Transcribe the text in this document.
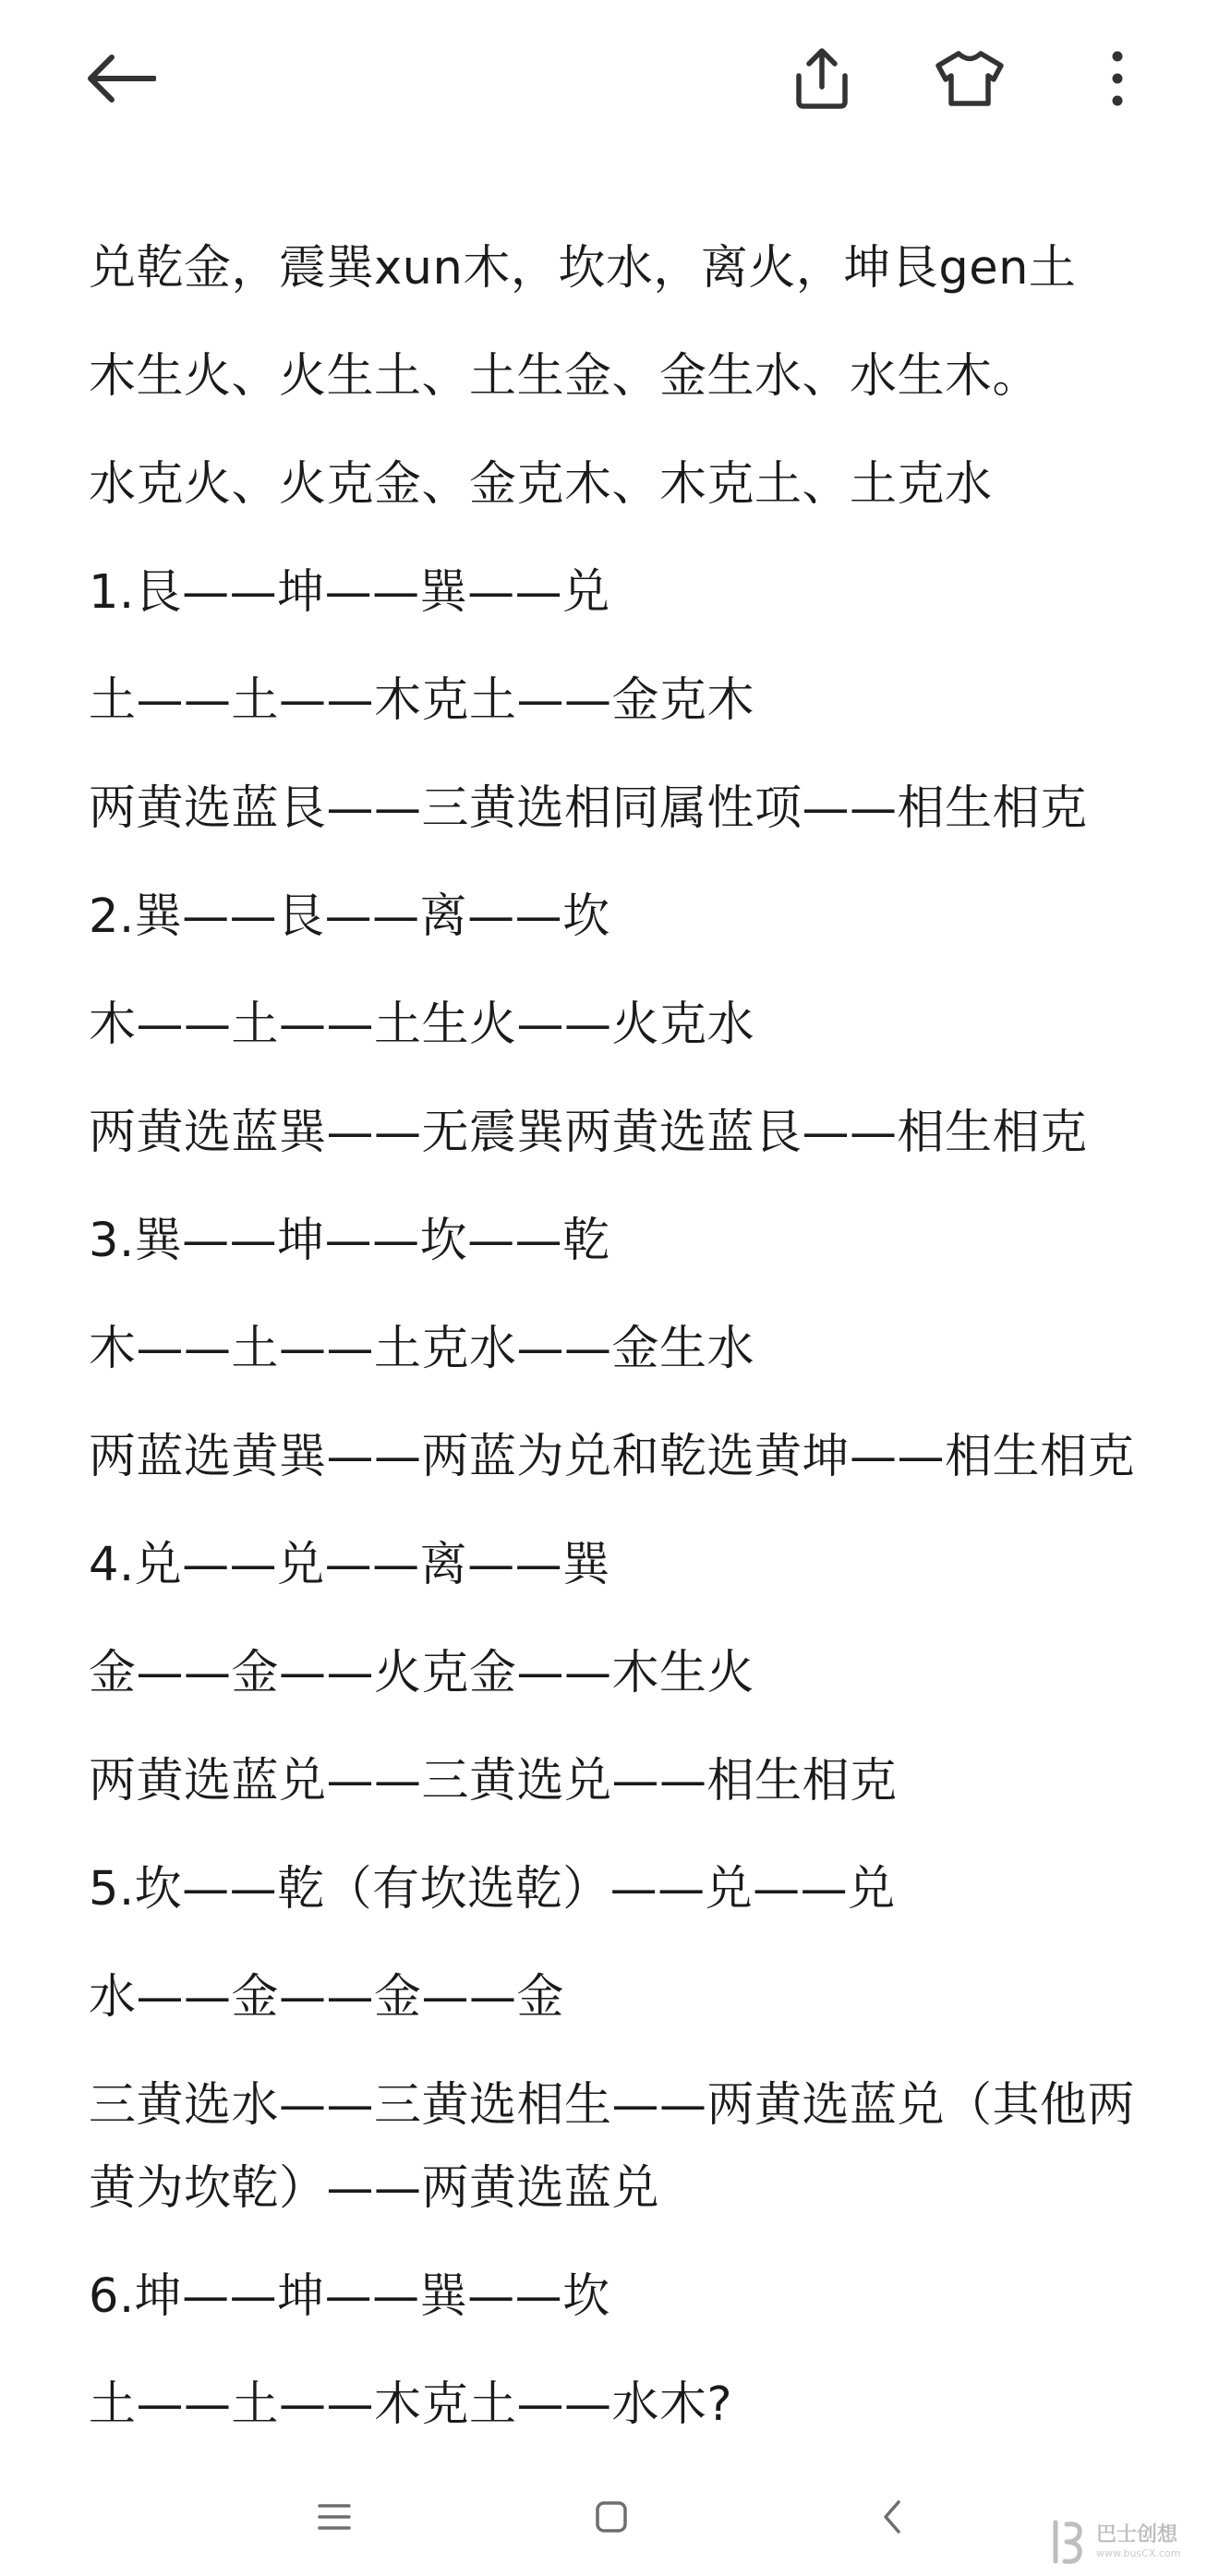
兑乾金，震巽xun木，坎水，离火，坤艮gen土
木生火、火生土、土生金、金生水、水生木。
水克火、火克金、金克木、木克土、土克水
1.艮——坤——巽——兑
土——土——木克土——金克木
两黄选蓝艮——三黄选相同属性项——相生相克
2.巽——艮——离——坎
木——土——土生火——火克水
两黄选蓝巽——无震巽两黄选蓝艮——相生相克
3.巽——坤——坎——乾
木——土——土克水——金生水
两蓝选黄巽——两蓝为兑和乾选黄坤——相生相克
4.兑——兑——离——巽
金——金——火克金——木生火
两黄选蓝兑——三黄选兑——相生相克
5.坎——乾（有坎选乾）——兑——兑
水——金——金——金
三黄选水——三黄选相生——两黄选蓝兑（其他两黄为坎乾）——两黄选蓝兑
6.坤——坤——巽——坎
土——土——木克土——水木?
巴士创想
www.busCX.com
